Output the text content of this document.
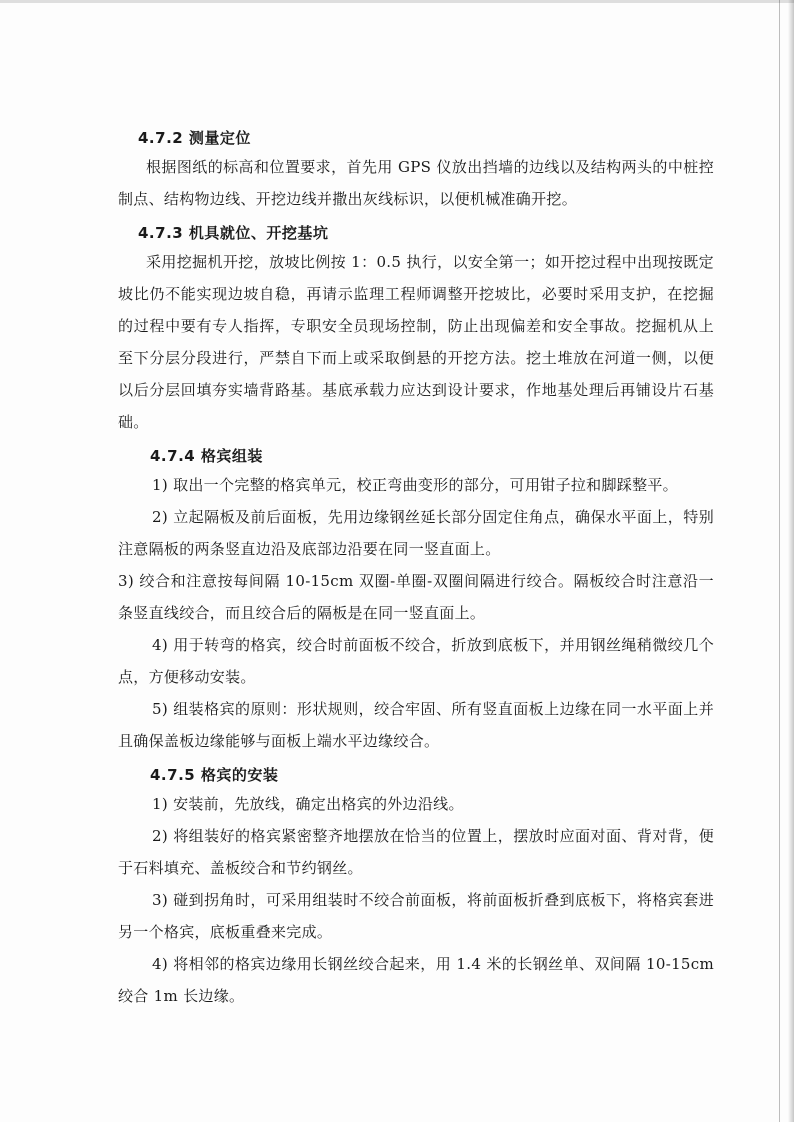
4.7.2 测量定位
根据图纸的标高和位置要求，首先用 GPS 仪放出挡墙的边线以及结构两头的中桩控制点、结构物边线、开挖边线并撒出灰线标识，以便机械准确开挖。
4.7.3 机具就位、开挖基坑
采用挖掘机开挖，放坡比例按 1：0.5 执行，以安全第一；如开挖过程中出现按既定坡比仍不能实现边坡自稳，再请示监理工程师调整开挖坡比，必要时采用支护，在挖掘的过程中要有专人指挥，专职安全员现场控制，防止出现偏差和安全事故。挖掘机从上至下分层分段进行，严禁自下而上或采取倒悬的开挖方法。挖土堆放在河道一侧，以便以后分层回填夯实墙背路基。基底承载力应达到设计要求，作地基处理后再铺设片石基础。
4.7.4 格宾组装
1) 取出一个完整的格宾单元，校正弯曲变形的部分，可用钳子拉和脚踩整平。
2) 立起隔板及前后面板，先用边缘钢丝延长部分固定住角点，确保水平面上，特别注意隔板的两条竖直边沿及底部边沿要在同一竖直面上。
3) 绞合和注意按每间隔 10-15cm 双圈-单圈-双圈间隔进行绞合。隔板绞合时注意沿一条竖直线绞合，而且绞合后的隔板是在同一竖直面上。
4) 用于转弯的格宾，绞合时前面板不绞合，折放到底板下，并用钢丝绳稍微绞几个点，方便移动安装。
5) 组装格宾的原则：形状规则，绞合牢固、所有竖直面板上边缘在同一水平面上并且确保盖板边缘能够与面板上端水平边缘绞合。
4.7.5 格宾的安装
1) 安装前，先放线，确定出格宾的外边沿线。
2) 将组装好的格宾紧密整齐地摆放在恰当的位置上，摆放时应面对面、背对背，便于石料填充、盖板绞合和节约钢丝。
3) 碰到拐角时，可采用组装时不绞合前面板，将前面板折叠到底板下，将格宾套进另一个格宾，底板重叠来完成。
4) 将相邻的格宾边缘用长钢丝绞合起来，用 1.4 米的长钢丝单、双间隔 10-15cm 绞合 1m 长边缘。
